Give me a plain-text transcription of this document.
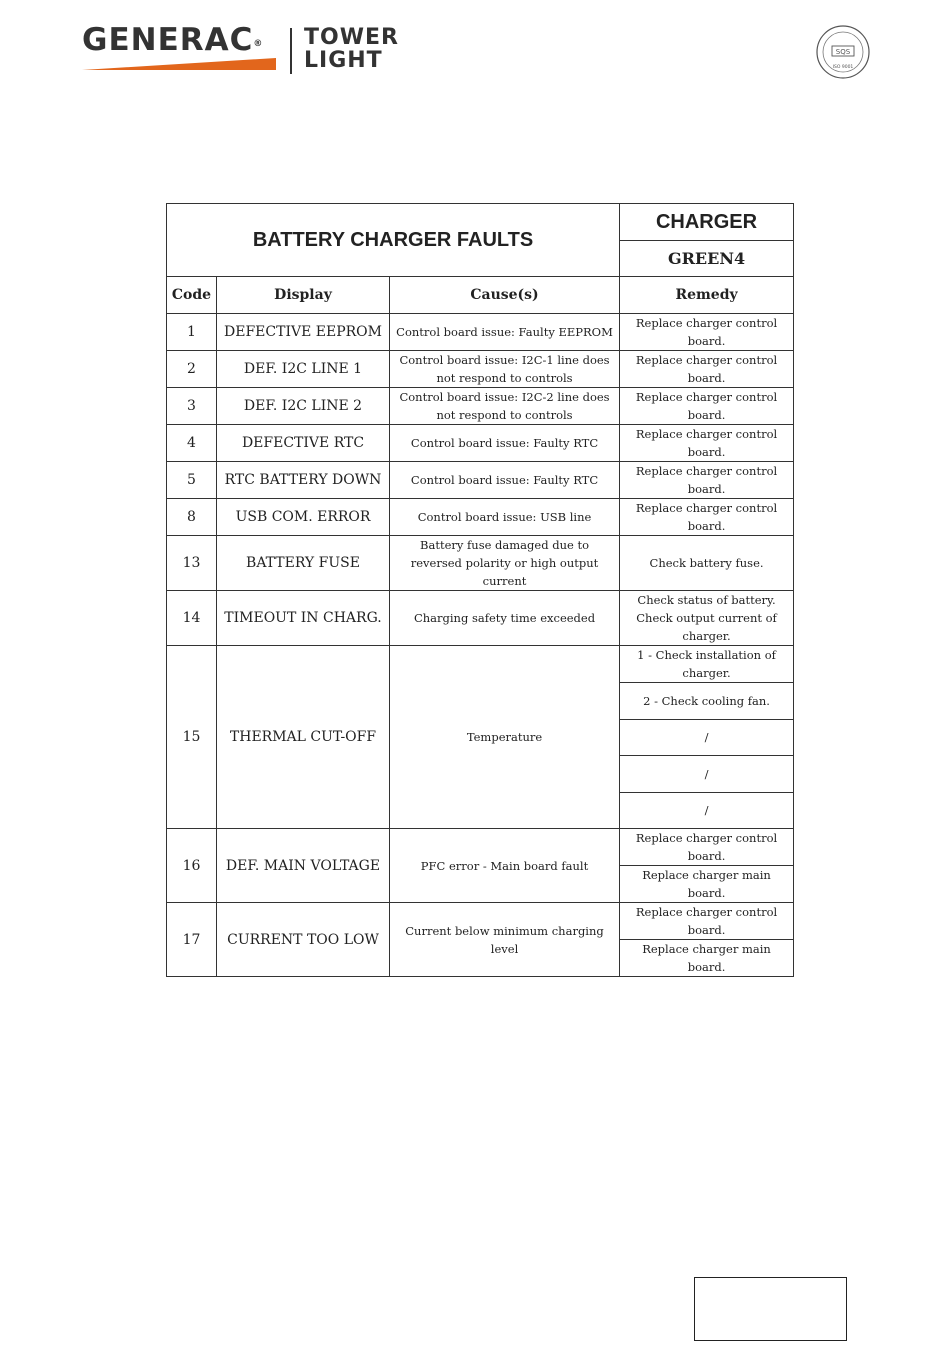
GENERAC® TOWER
LIGHT	SQS
ISO 9001
BATTERY CHARGER FAULTS			CHARGER
			GREEN4
Code	Display	Cause(s)	Remedy
1	DEFECTIVE EEPROM	Control board issue: Faulty EEPROM	Replace charger control board.
2	DEF. I2C LINE 1	Control board issue: I2C-1 line does not respond to controls	Replace charger control board.
3	DEF. I2C LINE 2	Control board issue: I2C-2 line does not respond to controls	Replace charger control board.
4	DEFECTIVE RTC	Control board issue: Faulty RTC	Replace charger control board.
5	RTC BATTERY DOWN	Control board issue: Faulty RTC	Replace charger control board.
8	USB COM. ERROR	Control board issue: USB line	Replace charger control board.
13	BATTERY FUSE	Battery fuse damaged due to reversed polarity or high output current	Check battery fuse.
14	TIMEOUT IN CHARG.	Charging safety time exceeded	Check status of battery. Check output current of charger.
15	THERMAL CUT-OFF	Temperature	1 - Check installation of charger.
			2 - Check cooling fan.
			/
			/
			/
16	DEF. MAIN VOLTAGE	PFC error - Main board fault	Replace charger control board.
			Replace charger main board.
17	CURRENT TOO LOW	Current below minimum charging level	Replace charger control board.
			Replace charger main board.
